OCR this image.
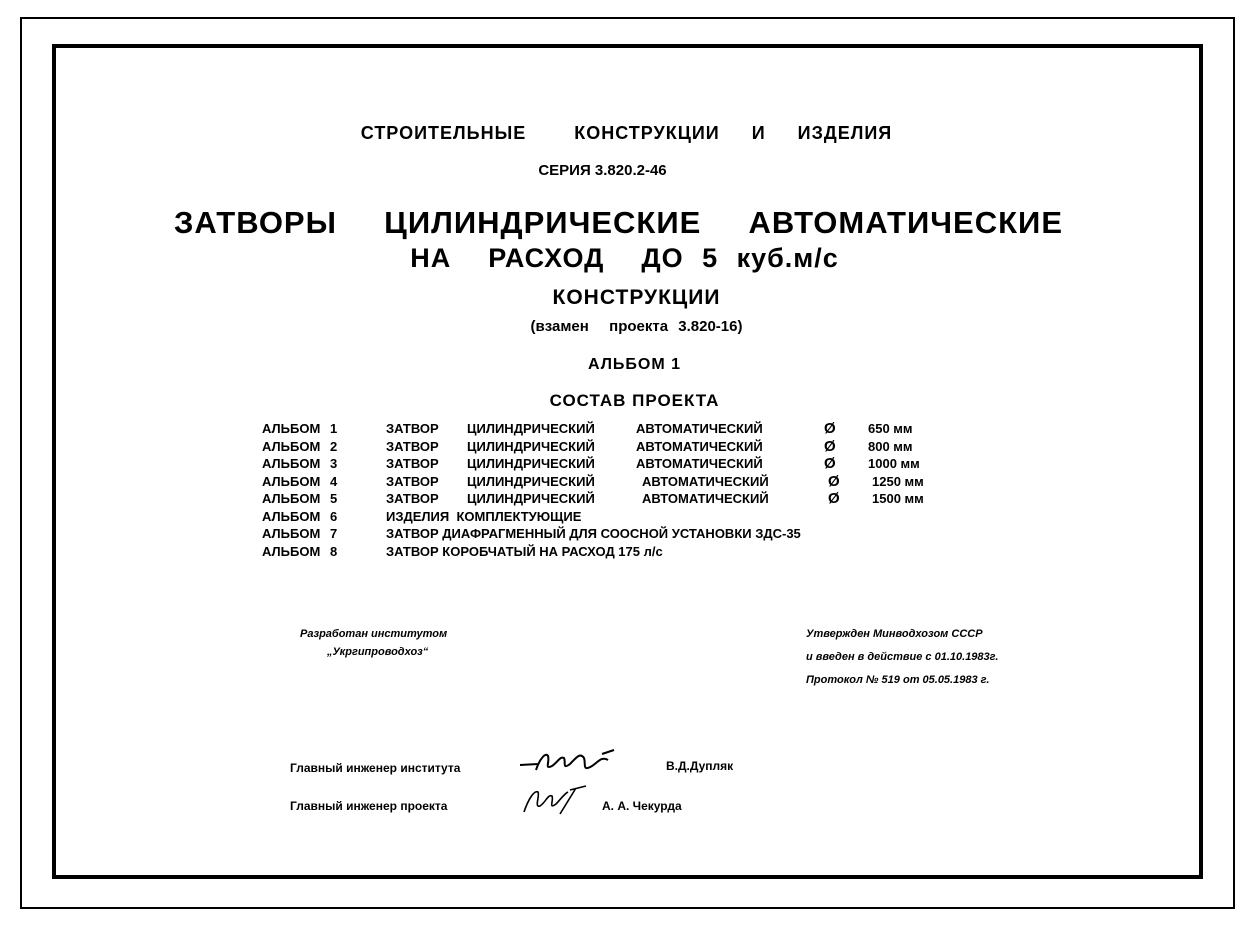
СТРОИТЕЛЬНЫЕ   КОНСТРУКЦИИ  И  ИЗДЕЛИЯ
СЕРИЯ 3.820.2-46
ЗАТВОРЫ  ЦИЛИНДРИЧЕСКИЕ  АВТОМАТИЧЕСКИЕ
НА  РАСХОД  ДО 5 куб.м/с
КОНСТРУКЦИИ
(взамен  проекта 3.820-16)
АЛЬБОМ 1
СОСТАВ ПРОЕКТА
АЛЬБОМ 1	ЗАТВОР ЦИЛИНДРИЧЕСКИЙ	АВТОМАТИЧЕСКИЙ	Ø 650 мм
АЛЬБОМ 2	ЗАТВОР ЦИЛИНДРИЧЕСКИЙ	АВТОМАТИЧЕСКИЙ	Ø 800 мм
АЛЬБОМ 3	ЗАТВОР ЦИЛИНДРИЧЕСКИЙ	АВТОМАТИЧЕСКИЙ	Ø 1000 мм
АЛЬБОМ 4	ЗАТВОР ЦИЛИНДРИЧЕСКИЙ	АВТОМАТИЧЕСКИЙ	Ø 1250 мм
АЛЬБОМ 5	ЗАТВОР ЦИЛИНДРИЧЕСКИЙ	АВТОМАТИЧЕСКИЙ	Ø 1500 мм
АЛЬБОМ 6	ИЗДЕЛИЯ  КОМПЛЕКТУЮЩИЕ
АЛЬБОМ 7	ЗАТВОР ДИАФРАГМЕННЫЙ ДЛЯ СООСНОЙ УСТАНОВКИ ЗДС-35
АЛЬБОМ 8	ЗАТВОР КОРОБЧАТЫЙ НА РАСХОД 175 л/с
Разработан институтом
„Укргипроводхоз“
Утвержден Минводхозом СССР
и введен в действие с 01.10.1983г.
Протокол № 519 от 05.05.1983 г.
Главный инженер института	В.Д.Дупляк
Главный инженер проекта	А. А. Чекурда
